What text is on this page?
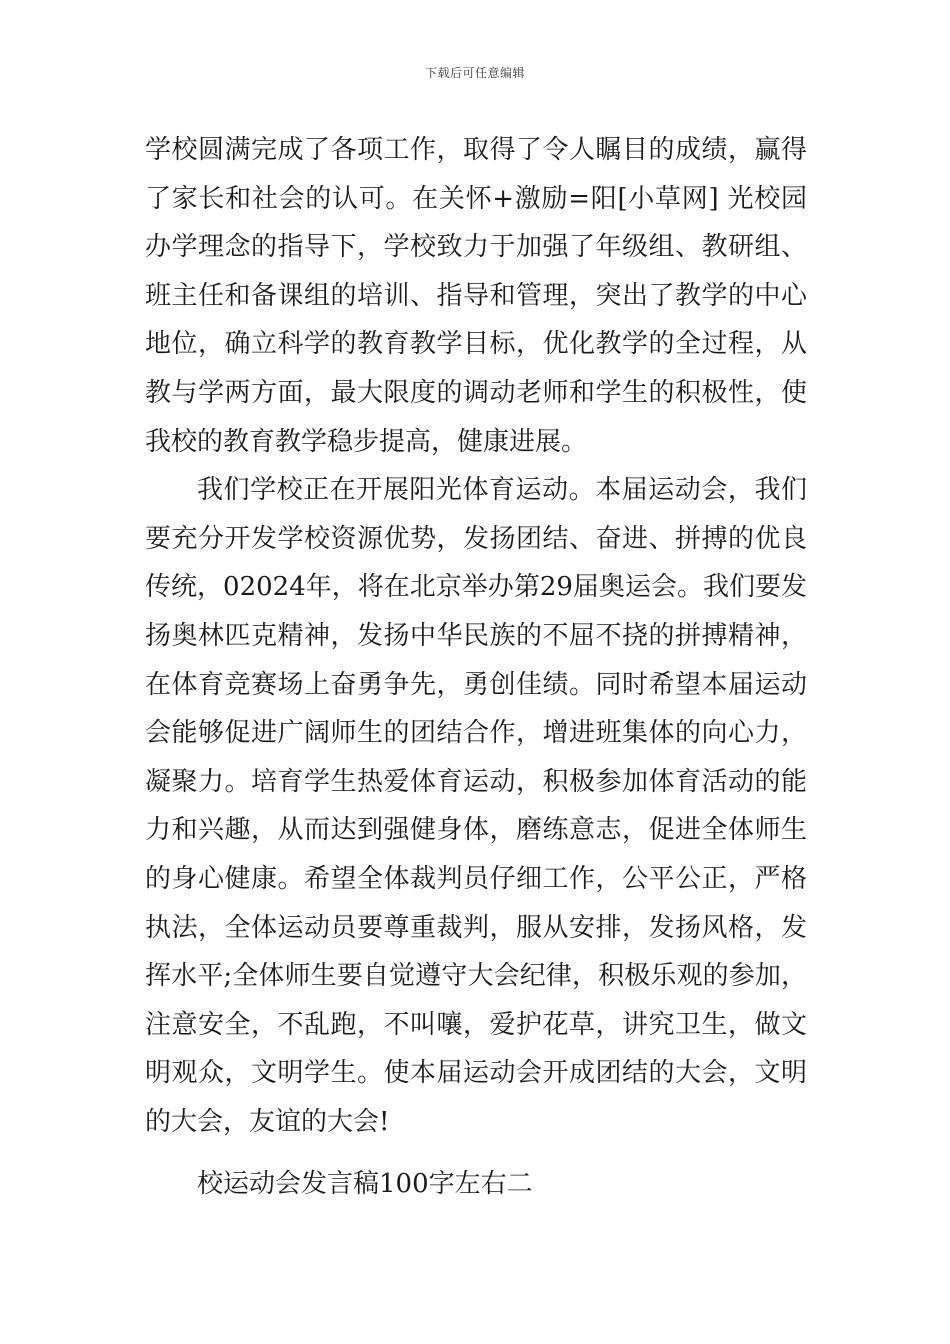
下载后可任意编辑

学校圆满完成了各项工作，取得了令人瞩目的成绩，赢得了家长和社会的认可。在关怀+激励=阳[小草网] 光校园办学理念的指导下，学校致力于加强了年级组、教研组、班主任和备课组的培训、指导和管理，突出了教学的中心地位，确立科学的教育教学目标，优化教学的全过程，从教与学两方面，最大限度的调动老师和学生的积极性，使我校的教育教学稳步提高，健康进展。

我们学校正在开展阳光体育运动。本届运动会，我们要充分开发学校资源优势，发扬团结、奋进、拼搏的优良传统，02024年，将在北京举办第29届奥运会。我们要发扬奥林匹克精神，发扬中华民族的不屈不挠的拼搏精神，在体育竞赛场上奋勇争先，勇创佳绩。同时希望本届运动会能够促进广阔师生的团结合作，增进班集体的向心力，凝聚力。培育学生热爱体育运动，积极参加体育活动的能力和兴趣，从而达到强健身体，磨练意志，促进全体师生的身心健康。希望全体裁判员仔细工作，公平公正，严格执法，全体运动员要尊重裁判，服从安排，发扬风格，发挥水平;全体师生要自觉遵守大会纪律，积极乐观的参加，注意安全，不乱跑，不叫嚷，爱护花草，讲究卫生，做文明观众，文明学生。使本届运动会开成团结的大会，文明的大会，友谊的大会!

校运动会发言稿100字左右二
